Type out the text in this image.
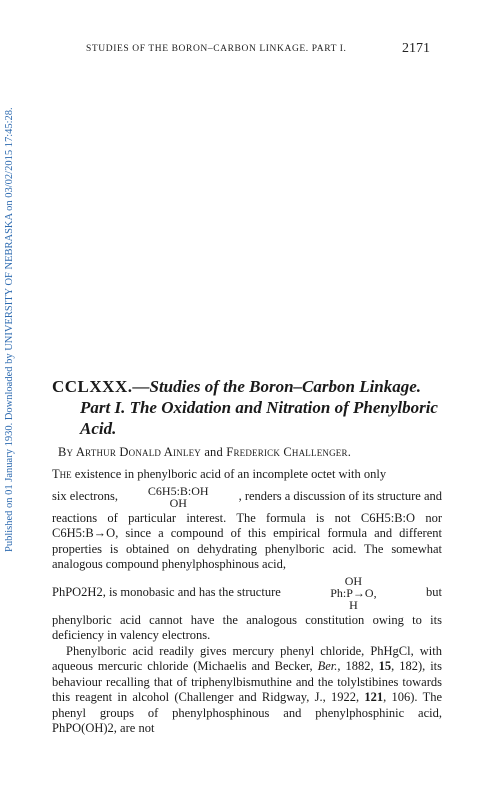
Published on 01 January 1930. Downloaded by UNIVERSITY OF NEBRASKA on 03/02/2015 17:45:28.
STUDIES OF THE BORON–CARBON LINKAGE. PART I.	2171
CCLXXX.—Studies of the Boron–Carbon Linkage. Part I. The Oxidation and Nitration of Phenylboric Acid.

By Arthur Donald Ainley and Frederick Challenger.

The existence in phenylboric acid of an incomplete octet with only

six electrons, C6H5:B:OH
OH	, renders a discussion of its structure and

reactions of particular interest. The formula is not C6H5:B:O nor C6H5:B→O, since a compound of this empirical formula and different properties is obtained on dehydrating phenylboric acid. The somewhat analogous compound phenylphosphinous acid,

PhPO2H2, is monobasic and has the structure
OH
Ph:P→O,
H
but

phenylboric acid cannot have the analogous constitution owing to its deficiency in valency electrons.

Phenylboric acid readily gives mercury phenyl chloride, PhHgCl, with aqueous mercuric chloride (Michaelis and Becker, Ber., 1882, 15, 182), its behaviour recalling that of triphenylbismuthine and the tolylstibines towards this reagent in alcohol (Challenger and Ridgway, J., 1922, 121, 106). The phenyl groups of phenylphosphinous and phenylphosphinic acid, PhPO(OH)2, are not
